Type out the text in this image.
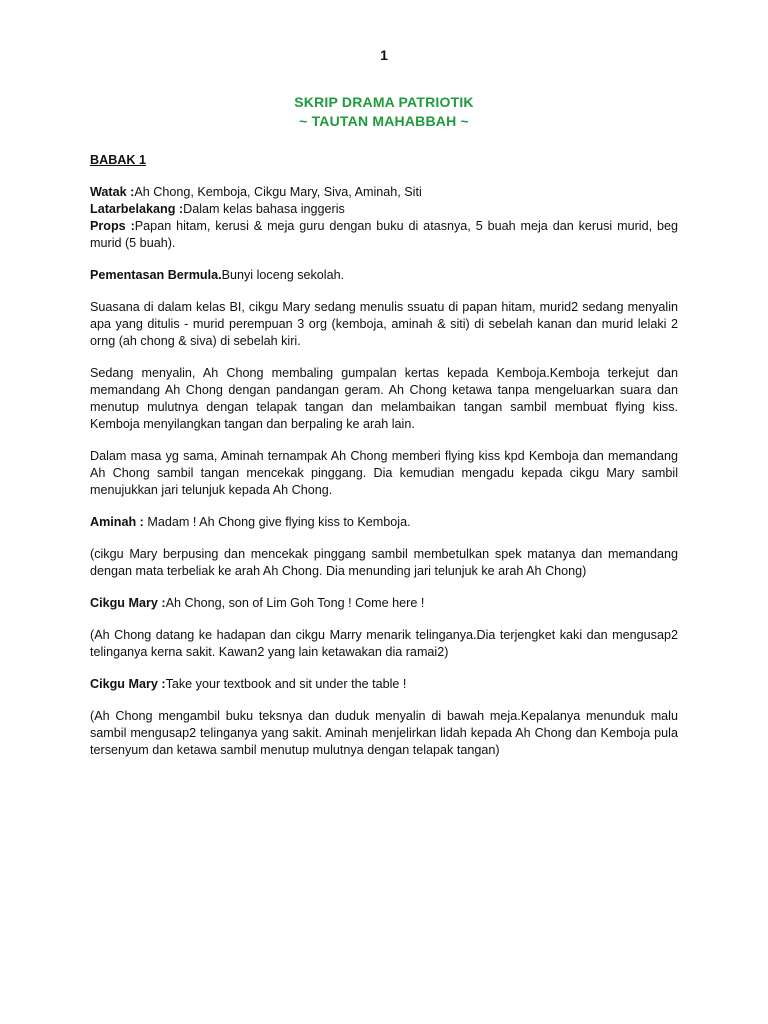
1
SKRIP DRAMA PATRIOTIK
~ TAUTAN MAHABBAH ~

BABAK 1

Watak :Ah Chong, Kemboja, Cikgu Mary, Siva, Aminah, Siti

Latarbelakang :Dalam kelas bahasa inggeris

Props :Papan hitam, kerusi & meja guru dengan buku di atasnya, 5 buah meja dan kerusi murid, beg murid (5 buah).

Pementasan Bermula.Bunyi loceng sekolah.

Suasana di dalam kelas BI, cikgu Mary sedang menulis ssuatu di papan hitam, murid2 sedang menyalin apa yang ditulis - murid perempuan 3 org (kemboja, aminah & siti) di sebelah kanan dan murid lelaki 2 orng (ah chong & siva) di sebelah kiri.

Sedang menyalin, Ah Chong membaling gumpalan kertas kepada Kemboja.Kemboja terkejut dan memandang Ah Chong dengan pandangan geram. Ah Chong ketawa tanpa mengeluarkan suara dan menutup mulutnya dengan telapak tangan dan melambaikan tangan sambil membuat flying kiss. Kemboja menyilangkan tangan dan berpaling ke arah lain.

Dalam masa yg sama, Aminah ternampak Ah Chong memberi flying kiss kpd Kemboja dan memandang Ah Chong sambil tangan mencekak pinggang. Dia kemudian mengadu kepada cikgu Mary sambil menujukkan jari telunjuk kepada Ah Chong.

Aminah : Madam ! Ah Chong give flying kiss to Kemboja.

(cikgu Mary berpusing dan mencekak pinggang sambil membetulkan spek matanya dan memandang dengan mata terbeliak ke arah Ah Chong. Dia menunding jari telunjuk ke arah Ah Chong)

Cikgu Mary :Ah Chong, son of Lim Goh Tong ! Come here !

(Ah Chong datang ke hadapan dan cikgu Marry menarik telinganya.Dia terjengket kaki dan mengusap2 telinganya kerna sakit. Kawan2 yang lain ketawakan dia ramai2)

Cikgu Mary :Take your textbook and sit under the table !

(Ah Chong mengambil buku teksnya dan duduk menyalin di bawah meja.Kepalanya menunduk malu sambil mengusap2 telinganya yang sakit. Aminah menjelirkan lidah kepada Ah Chong dan Kemboja pula tersenyum dan ketawa sambil menutup mulutnya dengan telapak tangan)
